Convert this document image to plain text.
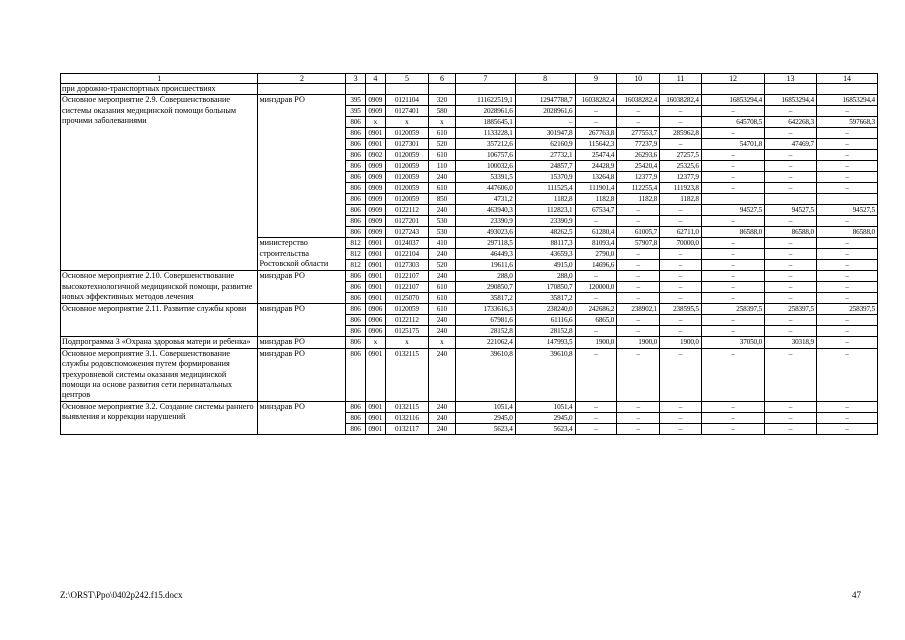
1	2	3	4	5	6	7	8	9	10	11	12	13	14
при дорожно-транспортных происшествиях													
Основное мероприятие 2.9. Совершенствование системы оказания медицинской помощи больным прочими заболеваниями	минздрав РО	395	0909	0121104	320	111622519,1	12947788,7	16038282,4	16038282,4	16038282,4	16853294,4	16853294,4	16853294,4
		395	0909	0127401	580	2028961,6	2028961,6	–	–	–	–	–	–
		806	x	x	x	1885645,1	–	–	–	–	645708,5	642268,3	597668,3
		806	0901	0120059	610	1133228,1	301947,8	267763,8	277553,7	285962,8	–	–	–
		806	0901	0127301	520	357212,6	62160,9	115642,3	77237,9	–	54701,8	47469,7	–
		806	0902	0120059	610	106757,6	27732,1	25474,4	26293,6	27257,5	–	–	–
		806	0909	0120059	110	100032,6	24857,7	24428,9	25420,4	25325,6	–	–	–
		806	0909	0120059	240	53391,5	15370,9	13264,8	12377,9	12377,9	–	–	–
		806	0909	0120059	610	447606,0	111525,4	111901,4	112255,4	111923,8	–	–	–
		806	0909	0120059	850	4731,2	1182,8	1182,8	1182,8	1182,8			
		806	0909	0122112	240	463940,3	112823,1	67534,7	–	–	94527,5	94527,5	94527,5
		806	0909	0127201	530	23390,9	23390,9	–	–	–	–	–	–
		806	0909	0127243	530	493023,6	48262,5	61280,4	61005,7	62711,0	86588,0	86588,0	86588,0
	министерство строительства Ростовской области	812	0901	0124037	410	297118,5	88117,3	81093,4	57907,8	70000,0	–	–	–
		812	0901	0122104	240	46449,3	43659,3	2790,0	–	–	–	–	–
		812	0901	0127303	520	19611,6	4915,0	14696,6	–	–	–	–	–
Основное мероприятие 2.10. Совершенствование высокотехнологичной медицинской помощи, развитие новых эффективных методов лечения	минздрав РО	806	0901	0122107	240	288,0	288,0	–	–	–	–	–	–
		806	0901	0122107	610	290850,7	170850,7	120000,0	–	–	–	–	–
		806	0901	0125070	610	35817,2	35817,2	–	–	–	–	–	–
Основное мероприятие 2.11. Развитие службы крови	минздрав РО	806	0906	0120059	610	1733616,3	238240,0	242686,2	238902,1	238595,5	258397,5	258397,5	258397,5
		806	0906	0122112	240	67981,6	61116,6	6865,0	–	–	–	–	–
		806	0906	0125175	240	28152,8	28152,8	–	–	–	–	–	–
Подпрограмма 3 «Охрана здоровья матери и ребенка»	минздрав РО	806	x	x	x	221062,4	147993,5	1900,0	1900,0	1900,0	37050,0	30318,9	–
Основное мероприятие 3.1. Совершенствование службы родовспоможения путем формирования трехуровневой системы оказания медицинской помощи на основе развития сети перинатальных центров	минздрав РО	806	0901	0132115	240	39610,8	39610,8	–	–	–	–	–	–
Основное мероприятие 3.2. Создание системы раннего выявления и коррекции нарушений	минздрав РО	806	0901	0132115	240	1051,4	1051,4	–	–	–	–	–	–
		806	0901	0132116	240	2945,0	2945,0	–	–	–	–	–	–
		806	0901	0132117	240	5623,4	5623,4	–	–	–	–	–	–
Z:\ORST\Ppo\0402p242.f15.docx	47
